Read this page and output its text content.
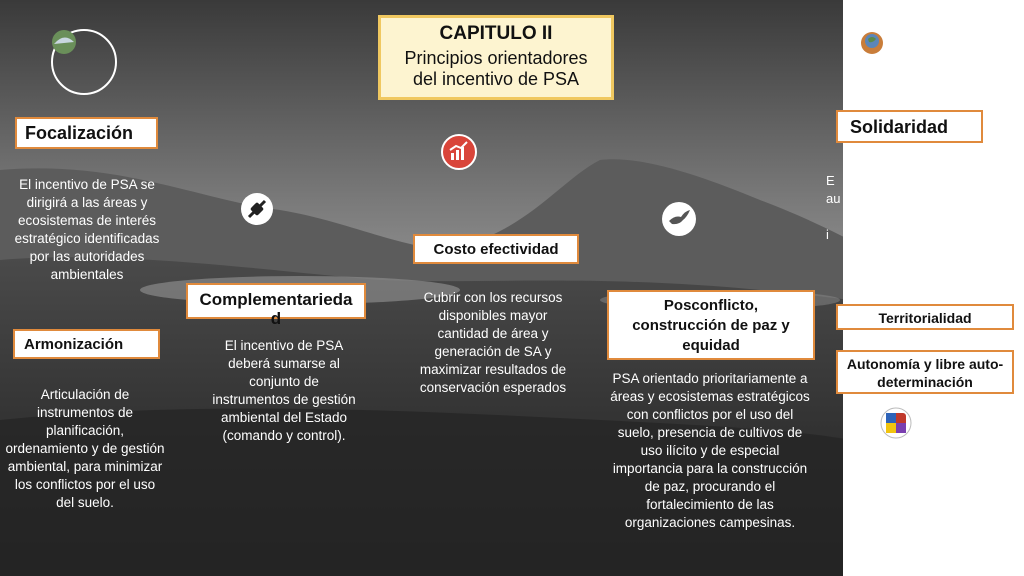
CAPITULO II
Principios orientadores del incentivo de PSA
Focalización
El incentivo de PSA se dirigirá a las áreas y ecosistemas de interés estratégico identificadas por las autoridades ambientales
Armonización
Articulación de instrumentos de planificación, ordenamiento y de gestión ambiental, para minimizar los conflictos por el uso del suelo.
Complementariedad
El incentivo de PSA deberá sumarse al conjunto de instrumentos de gestión ambiental del Estado (comando y control).
Costo efectividad
Cubrir con los recursos disponibles mayor cantidad de área y generación de SA y maximizar resultados de conservación esperados
Posconflicto, construcción de paz y equidad
PSA orientado prioritariamente a áreas y ecosistemas estratégicos con conflictos por el uso del suelo, presencia de cultivos de uso ilícito y de especial importancia para la construcción de paz, procurando el fortalecimiento de las organizaciones campesinas.
Solidaridad
E
au

i
Territorialidad
Autonomía y libre auto-determinación
